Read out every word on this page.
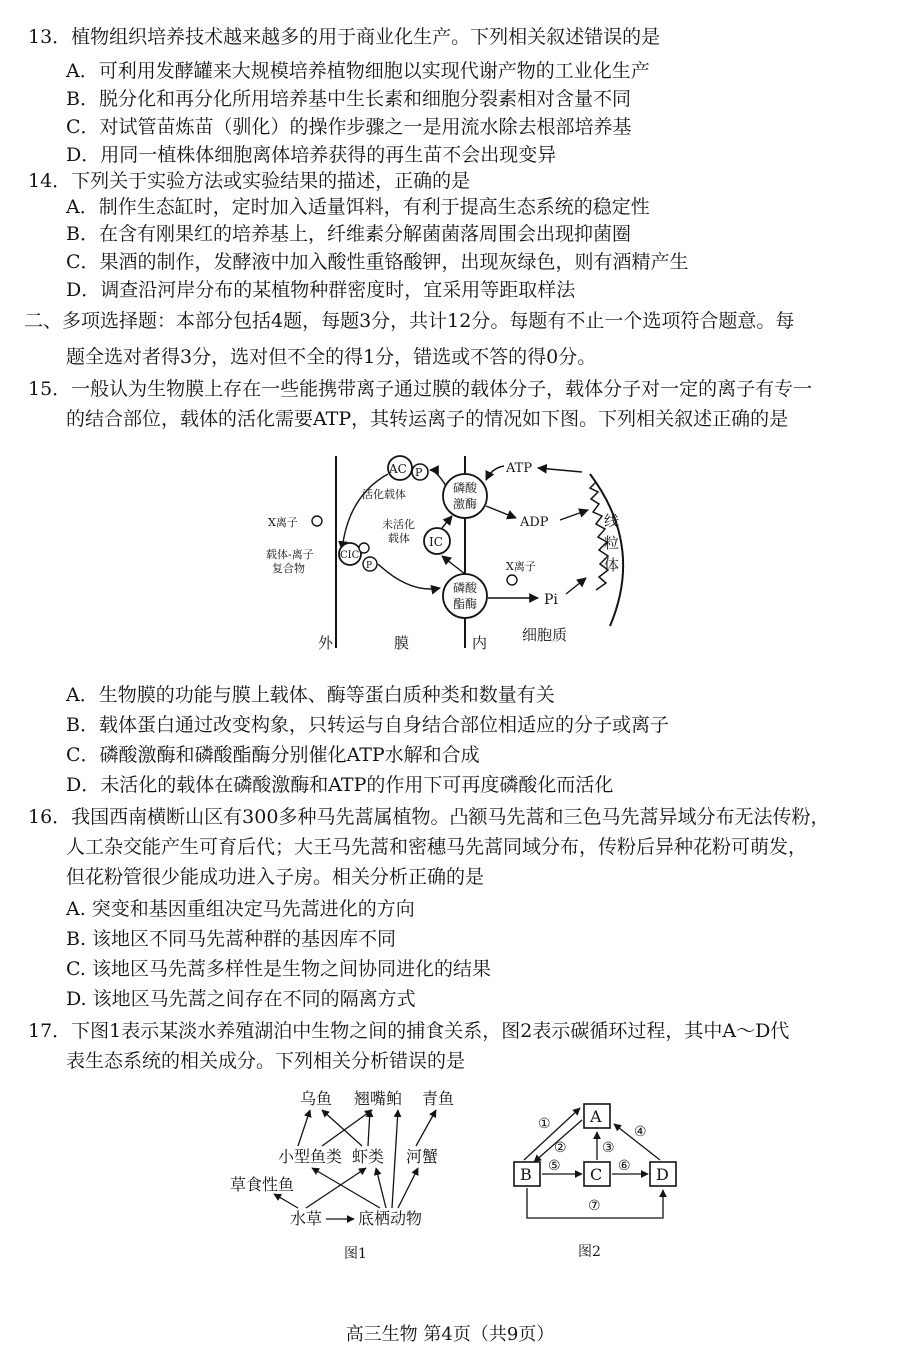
13．植物组织培养技术越来越多的用于商业化生产。下列相关叙述错误的是
A．可利用发酵罐来大规模培养植物细胞以实现代谢产物的工业化生产
B．脱分化和再分化所用培养基中生长素和细胞分裂素相对含量不同
C．对试管苗炼苗（驯化）的操作步骤之一是用流水除去根部培养基
D．用同一植株体细胞离体培养获得的再生苗不会出现变异
14．下列关于实验方法或实验结果的描述，正确的是
A．制作生态缸时，定时加入适量饵料，有利于提高生态系统的稳定性
B．在含有刚果红的培养基上，纤维素分解菌菌落周围会出现抑菌圈
C．果酒的制作，发酵液中加入酸性重铬酸钾，出现灰绿色，则有酒精产生
D．调查沿河岸分布的某植物种群密度时，宜采用等距取样法
二、多项选择题：本部分包括4题，每题3分，共计12分。每题有不止一个选项符合题意。每
题全选对者得3分，选对但不全的得1分，错选或不答的得0分。
15．一般认为生物膜上存在一些能携带离子通过膜的载体分子，载体分子对一定的离子有专一
的结合部位，载体的活化需要ATP，其转运离子的情况如下图。下列相关叙述正确的是
线
粒
体
AC P
活化载体	磷酸
激酶
ATP
ADP
X离子	未活化
载体 IC
载体-离子
复合物
CIC
P
磷酸
酯酶
X离子
Pi
外	膜	内 细胞质
A．生物膜的功能与膜上载体、酶等蛋白质种类和数量有关
B．载体蛋白通过改变构象，只转运与自身结合部位相适应的分子或离子
C．磷酸激酶和磷酸酯酶分别催化ATP水解和合成
D．未活化的载体在磷酸激酶和ATP的作用下可再度磷酸化而活化
16．我国西南横断山区有300多种马先蒿属植物。凸额马先蒿和三色马先蒿异域分布无法传粉，
人工杂交能产生可育后代；大王马先蒿和密穗马先蒿同域分布，传粉后异种花粉可萌发，
但花粉管很少能成功进入子房。相关分析正确的是
A. 突变和基因重组决定马先蒿进化的方向
B. 该地区不同马先蒿种群的基因库不同
C. 该地区马先蒿多样性是生物之间协同进化的结果
D. 该地区马先蒿之间存在不同的隔离方式
17．下图1表示某淡水养殖湖泊中生物之间的捕食关系，图2表示碳循环过程，其中A～D代
表生态系统的相关成分。下列相关分析错误的是
乌鱼 翘嘴鲌 青鱼
小型鱼类 虾类 河蟹
草食性鱼
水草 底栖动物
图1
A
B	C	D
①
②	③
④
⑤	⑥
⑦
图2
高三生物 第4页（共9页）
